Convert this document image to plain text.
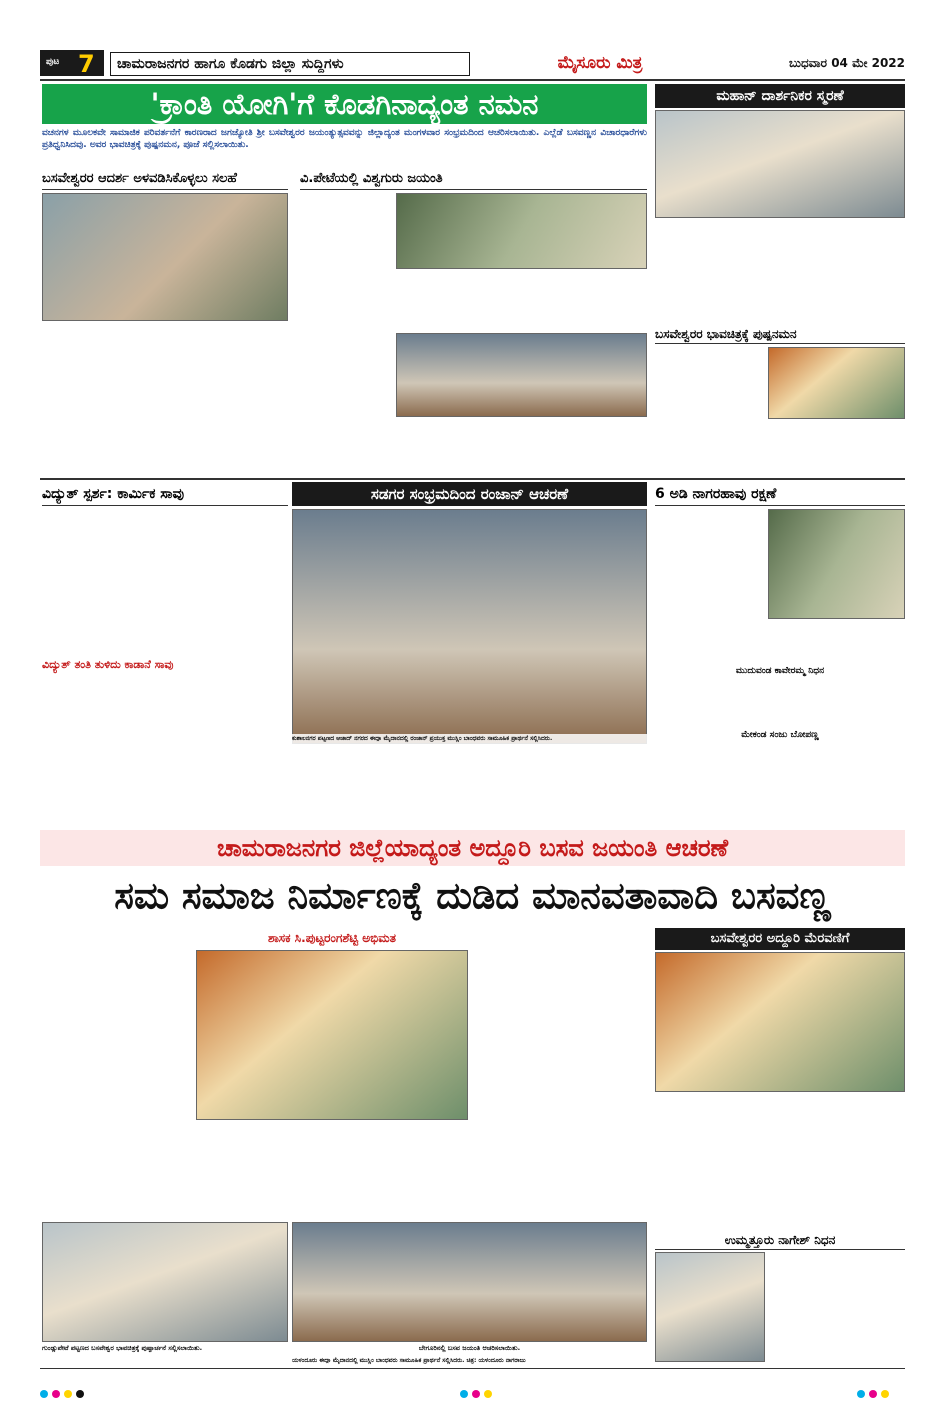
ಪುಟ 7	ಚಾಮರಾಜನಗರ ಹಾಗೂ ಕೊಡಗು ಜಿಲ್ಲಾ ಸುದ್ದಿಗಳು	ಮೈಸೂರು ಮಿತ್ರ	ಬುಧವಾರ 04 ಮೇ 2022
'ಕ್ರಾಂತಿ ಯೋಗಿ'ಗೆ ಕೊಡಗಿನಾದ್ಯಂತ ನಮನ
ವಚನಗಳ ಮೂಲಕವೇ ಸಾಮಾಜಿಕ ಪರಿವರ್ತನೆಗೆ ಕಾರಣರಾದ ಜಗಜ್ಯೋತಿ ಶ್ರೀ ಬಸವೇಶ್ವರರ ಜಯಂತ್ಯುತ್ಸವವನ್ನು ಜಿಲ್ಲಾದ್ಯಂತ ಮಂಗಳವಾರ ಸಂಭ್ರಮದಿಂದ ಆಚರಿಸಲಾಯಿತು. ಎಲ್ಲೆಡೆ ಬಸವಣ್ಣನ ವಿಚಾರಧಾರೆಗಳು ಪ್ರತಿಧ್ವನಿಸಿದವು. ಅವರ ಭಾವಚಿತ್ರಕ್ಕೆ ಪುಷ್ಪನಮನ, ಪೂಜೆ ಸಲ್ಲಿಸಲಾಯಿತು.
ಮಹಾನ್ ದಾರ್ಶನಿಕರ ಸ್ಮರಣೆ
ಬಸವೇಶ್ವರರ ಆದರ್ಶ ಅಳವಡಿಸಿಕೊಳ್ಳಲು ಸಲಹೆ	ವಿ.ಪೇಟೆಯಲ್ಲಿ ವಿಶ್ವಗುರು ಜಯಂತಿ
ಬಸವೇಶ್ವರರ ಭಾವಚಿತ್ರಕ್ಕೆ ಪುಷ್ಪನಮನ
ವಿದ್ಯುತ್ ಸ್ಪರ್ಶ: ಕಾರ್ಮಿಕ ಸಾವು
ವಿದ್ಯುತ್ ತಂತಿ ತುಳಿದು ಕಾಡಾನೆ ಸಾವು
ಸಡಗರ ಸಂಭ್ರಮದಿಂದ ರಂಜಾನ್ ಆಚರಣೆ	6 ಅಡಿ ನಾಗರಹಾವು ರಕ್ಷಣೆ
ಮುದುವಂಡ ಕಾವೇರಮ್ಮ ನಿಧನ
ಮೇಕಂಡ ಸಂಜು ಬೋಪಣ್ಣ
ಚಾಮರಾಜನಗರ ಜಿಲ್ಲೆಯಾದ್ಯಂತ ಅದ್ದೂರಿ ಬಸವ ಜಯಂತಿ ಆಚರಣೆ
ಸಮ ಸಮಾಜ ನಿರ್ಮಾಣಕ್ಕೆ ದುಡಿದ ಮಾನವತಾವಾದಿ ಬಸವಣ್ಣ
ಶಾಸಕ ಸಿ.ಪುಟ್ಟರಂಗಶೆಟ್ಟಿ ಅಭಿಮತ
ಗುಂಡ್ಲುಪೇಟೆ ಪಟ್ಟಣದ ಬಸವೇಶ್ವರ ಭಾವಚಿತ್ರಕ್ಕೆ ಪುಷ್ಪಾರ್ಚನೆ ಸಲ್ಲಿಸಲಾಯಿತು.	ಬೇಗೂರಿನಲ್ಲಿ ಬಸವ ಜಯಂತಿ ಆಚರಿಸಲಾಯಿತು.
ಬಸವೇಶ್ವರರ ಅದ್ದೂರಿ ಮೆರವಣಿಗೆ
ಉಮ್ಮತ್ತೂರು ನಾಗೇಶ್ ನಿಧನ
ಕುಶಾಲನಗರ ಪಟ್ಟಣದ ಆಜಾದ್ ನಗರದ ಈದ್ಗಾ ಮೈದಾನದಲ್ಲಿ ರಂಜಾನ್ ಪ್ರಯುಕ್ತ ಮುಸ್ಲಿಂ ಬಾಂಧವರು ಸಾಮೂಹಿಕ ಪ್ರಾರ್ಥನೆ ಸಲ್ಲಿಸಿದರು.
ಯಳಂದೂರು ಈದ್ಗಾ ಮೈದಾನದಲ್ಲಿ ಮುಸ್ಲಿಂ ಬಾಂಧವರು ಸಾಮೂಹಿಕ ಪ್ರಾರ್ಥನೆ ಸಲ್ಲಿಸಿದರು. ಚಿತ್ರ: ಯಳಂದೂರು ನಾಗರಾಜು
